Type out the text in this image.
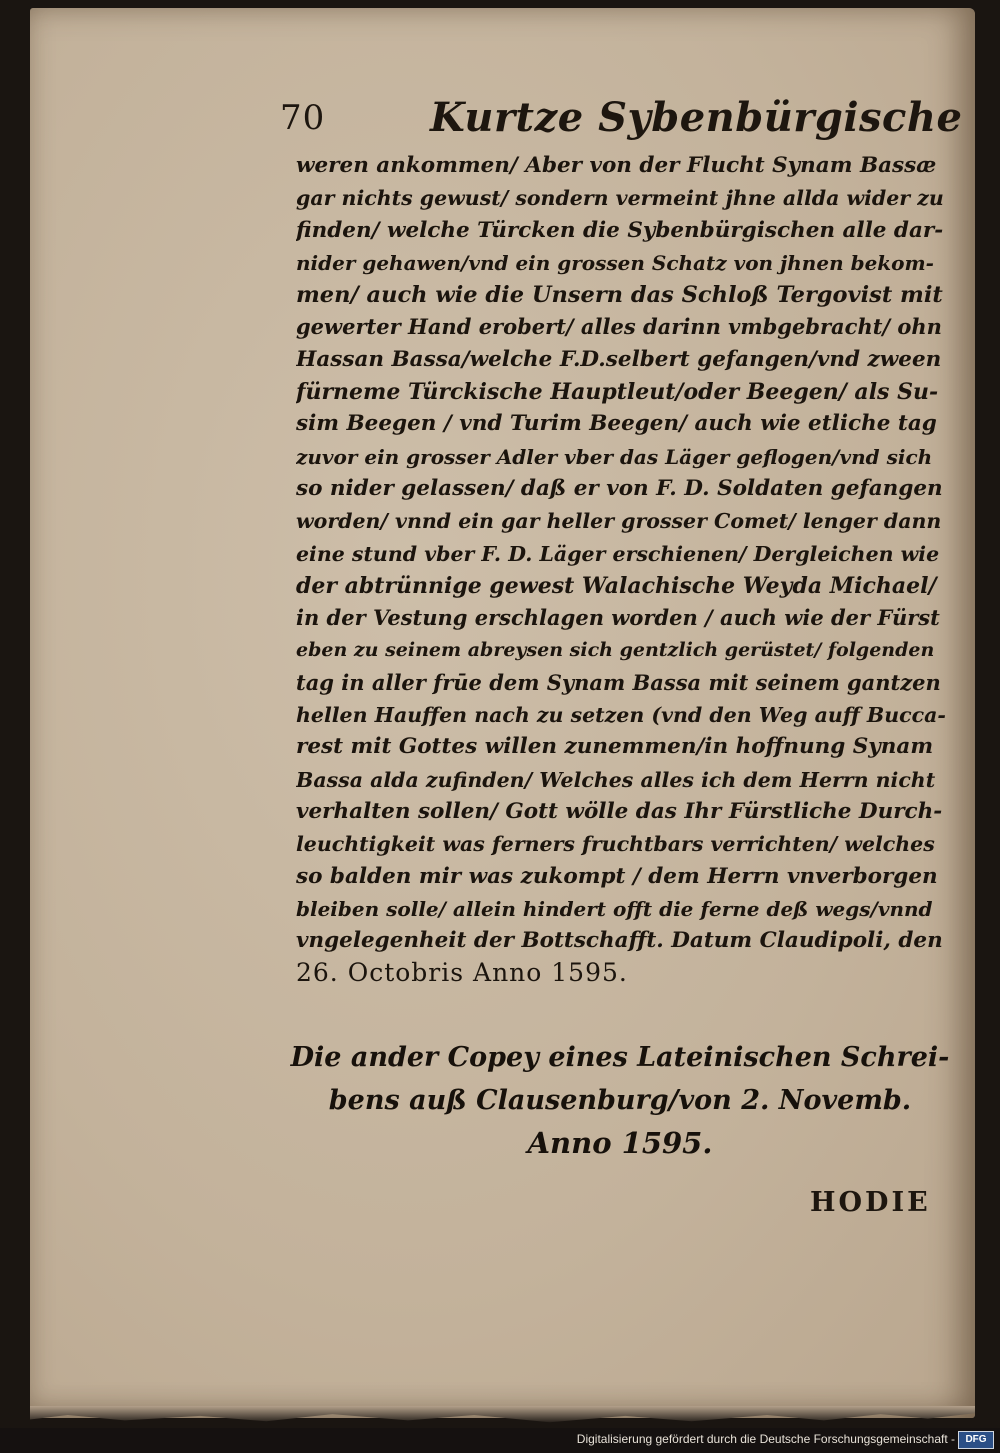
70	Kurtze Sybenbürgische
weren ankommen/ Aber von der Flucht Synam Bassæ
gar nichts gewust/ sondern vermeint jhne allda wider zu
finden/ welche Türcken die Sybenbürgischen alle dar-
nider gehawen/vnd ein grossen Schatz von jhnen bekom-
men/ auch wie die Unsern das Schloß Tergovist mit
gewerter Hand erobert/ alles darinn vmbgebracht/ ohn
Hassan Bassa/welche F.D.selbert gefangen/vnd zween
fürneme Türckische Hauptleut/oder Beegen/ als Su-
sim Beegen / vnd Turim Beegen/ auch wie etliche tag
zuvor ein grosser Adler vber das Läger geflogen/vnd sich
so nider gelassen/ daß er von F. D. Soldaten gefangen
worden/ vnnd ein gar heller grosser Comet/ lenger dann
eine stund vber F. D. Läger erschienen/ Dergleichen wie
der abtrünnige gewest Walachische Weyda Michael/
in der Vestung erschlagen worden / auch wie der Fürst
eben zu seinem abreysen sich gentzlich gerüstet/ folgenden
tag in aller frūe dem Synam Bassa mit seinem gantzen
hellen Hauffen nach zu setzen (vnd den Weg auff Bucca-
rest mit Gottes willen zunemmen/in hoffnung Synam
Bassa alda zufinden/ Welches alles ich dem Herrn nicht
verhalten sollen/ Gott wölle das Ihr Fürstliche Durch-
leuchtigkeit was ferners fruchtbars verrichten/ welches
so balden mir was zukompt / dem Herrn vnverborgen
bleiben solle/ allein hindert offt die ferne deß wegs/vnnd
vngelegenheit der Bottschafft. Datum Claudipoli, den
26. Octobris Anno 1595.
Die ander Copey eines Lateinischen Schrei-
bens auß Clausenburg/von 2. Novemb.
Anno 1595.
HODIE
Digitalisierung gefördert durch die Deutsche Forschungsgemeinschaft -	DFG
